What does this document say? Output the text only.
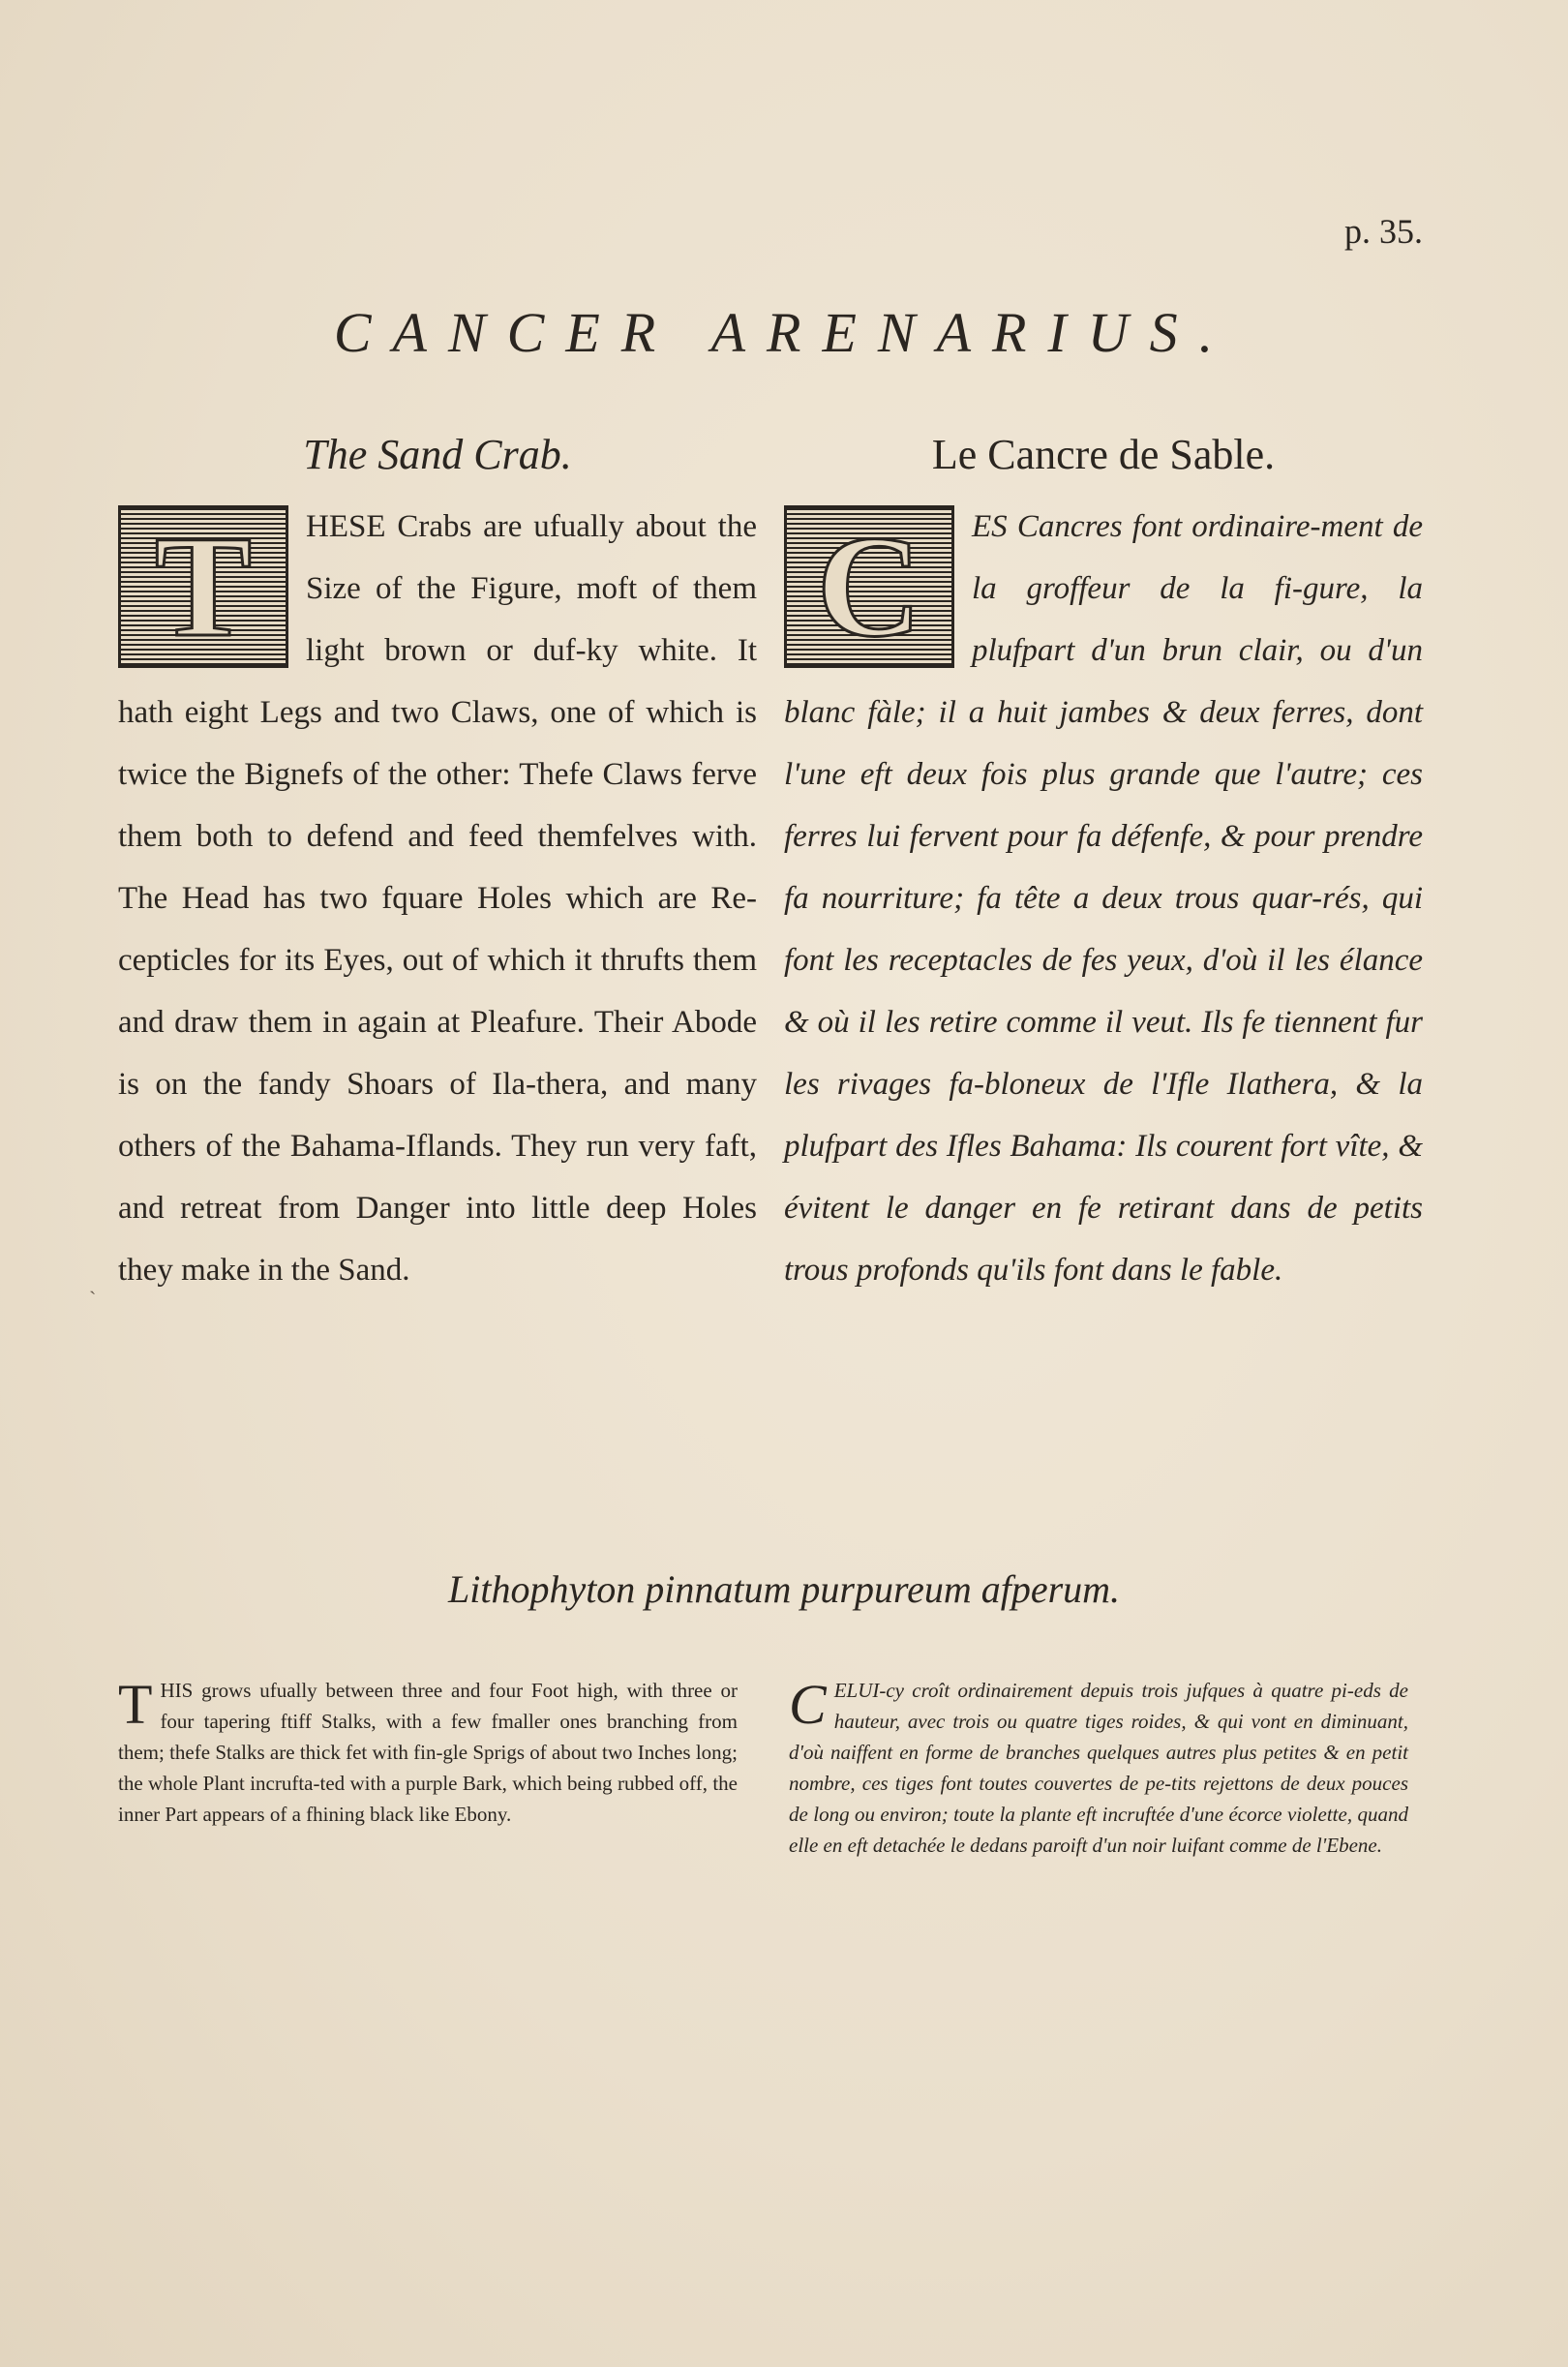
p. 35.
CANCER ARENARIUS.
The Sand Crab.
T	HESE Crabs are ufually about the Size of the Figure, moft of them light brown or duf-ky white. It hath eight Legs and two Claws, one of which is twice the Bignefs of the other: Thefe Claws ferve them both to defend and feed themfelves with. The Head has two fquare Holes which are Re-cepticles for its Eyes, out of which it thrufts them and draw them in again at Pleafure. Their Abode is on the fandy Shoars of Ila-thera, and many others of the Bahama-Iflands. They run very faft, and retreat from Danger into little deep Holes they make in the Sand.

Le Cancre de Sable.
C	ES Cancres font ordinaire-ment de la groffeur de la fi-gure, la plufpart d'un brun clair, ou d'un blanc fàle; il a huit jambes & deux ferres, dont l'une eft deux fois plus grande que l'autre; ces ferres lui fervent pour fa défenfe, & pour prendre fa nourriture; fa tête a deux trous quar-rés, qui font les receptacles de fes yeux, d'où il les élance & où il les retire comme il veut. Ils fe tiennent fur les rivages fa-bloneux de l'Ifle Ilathera, & la plufpart des Ifles Bahama: Ils courent fort vîte, & évitent le danger en fe retirant dans de petits trous profonds qu'ils font dans le fable.

ˎ
Lithophyton pinnatum purpureum afperum.
T HIS grows ufually between three and four Foot high, with three or four tapering ftiff Stalks, with a few fmaller ones branching from them; thefe Stalks are thick fet with fin-gle Sprigs of about two Inches long; the whole Plant incrufta-ted with a purple Bark, which being rubbed off, the inner Part appears of a fhining black like Ebony.
C ELUI-cy croît ordinairement depuis trois jufques à quatre pi-eds de hauteur, avec trois ou quatre tiges roides, & qui vont en diminuant, d'où naiffent en forme de branches quelques autres plus petites & en petit nombre, ces tiges font toutes couvertes de pe-tits rejettons de deux pouces de long ou environ; toute la plante eft incruftée d'une écorce violette, quand elle en eft detachée le dedans paroift d'un noir luifant comme de l'Ebene.
